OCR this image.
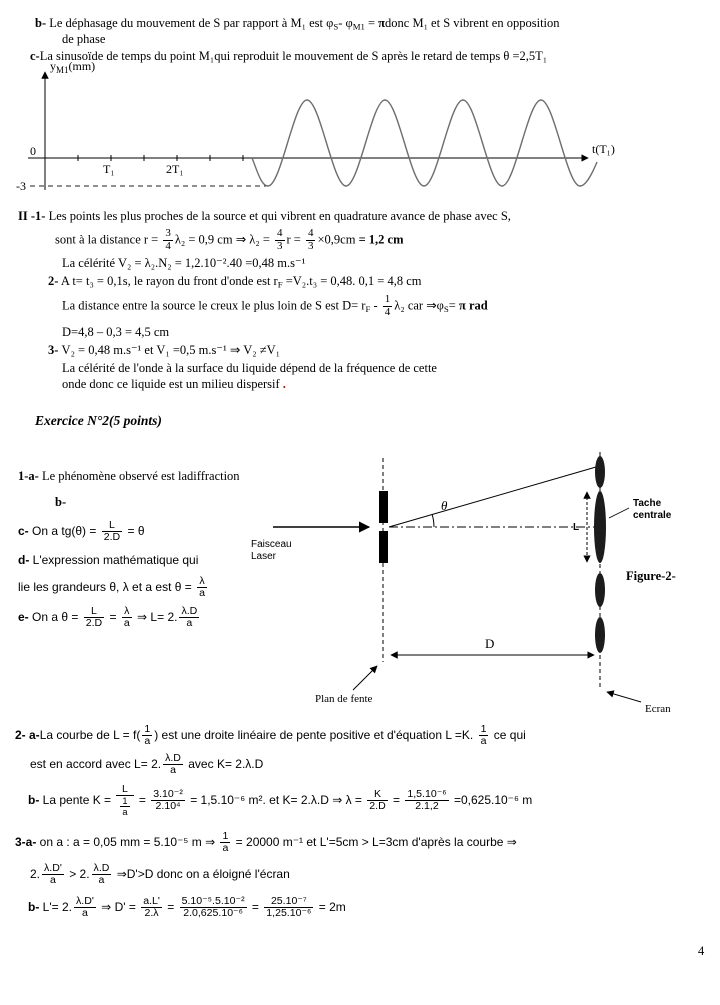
b- Le déphasage du mouvement de S par rapport à M₁ est $\varphi_S-$ $\varphi_{M1}$ = πdonc M₁ et S vibrent en opposition
de phase
c-La sinusoïde de temps du point M₁qui reproduit le mouvement de S après le retard de temps θ =2,5T₁
II -1- Les points les plus proches de la source et qui vibrent en quadrature avance de phase avec S,
sont à la distance $r = \frac{3}{4} \lambda_2 = 0,9$ cm ⇒ $\lambda_2 = \frac{4}{3}$ $r = \frac{4}{3} \times 0,9cm = 1,2$ cm
La célérité V₂ = λ₂.N₂ = 1,2.10⁻².40 =0,48 m.s⁻¹
2- A t= t₃ = 0,1s, le rayon du front d'onde est $r_F =V_2.t_3 = 0,48$. 0,1 = 4,8 cm
La distance entre la source le creux le plus loin de S est $D= r_F - \frac{1}{4} \lambda_2$ car $\Rightarrow\varphi_S= \pi$ rad
D=4,8 – 0,3 = 4,5 cm
3- V₂ = 0,48 m.s⁻¹ et V₁ =0,5 m.s⁻¹ ⇒ V₂ ≠V₁
La célérité de l'onde à la surface du liquide dépend de la fréquence de cette
onde donc ce liquide est un milieu dispersif .
Exercice N°2(5 points)
1-a- Le phénomène observé est ladiffraction
b-
c- On a $tg(\theta) = \frac{L}{2.D} = \theta$
d- L'expression mathématique qui
lie les grandeurs θ, λ et a est $\theta = \frac{\lambda}{a}$
e- On a $\theta = \frac{L}{2.D} = \frac{\lambda}{a}$ ⇒ L= 2. $\frac{\lambda.D}{a}$
2- a-La courbe de $L = f( \frac{1}{a}$ ) est une droite linéaire de pente positive et d'équation L =K. $\frac{1}{a}$ ce qui
est en accord avec L= 2. $\frac{\lambda.D}{a}$ avec K= 2.λ.D
b- La pente $K = \frac{L}{\frac{1}{a}} = \frac{\text{3.10⁻²}}{\text{2.10⁴}} = 1,5.10^{-6}$ m². et K= 2.λ.D ⇒ $\lambda = \frac{K}{2.D} = \frac{\text{1,5.10⁻⁶}}{2.1,2} =0,625.10^{-6}$ m
3-a- on a : a = 0,05 mm = 5.10⁻⁵ m ⇒ $\frac{1}{a} = 20000$ m⁻¹ et L'=5cm > L=3cm d'après la courbe ⇒
2. $\frac{\lambda.D'}{a} > 2$. $\frac{\lambda.D}{a}$ ⇒D'>D donc on a éloigné l'écran
b- L'= 2. $\frac{\lambda.D'}{a}$ ⇒ $D' = \frac{a.L'}{2.\lambda} = \frac{\text{5.10⁻⁵.5.10⁻²}}{\text{2.0,625.10⁻⁶}} = \frac{\text{25.10⁻⁷}}{\text{1,25.10⁻⁶}} = 2m$
$y_{M1}(mm)$
0
T₁	2T₁
-3
t(T₁)
θ
L
Tache
centrale
Figure-2-
D
Plan de fente
Ecran
Faisceau
Laser
4
